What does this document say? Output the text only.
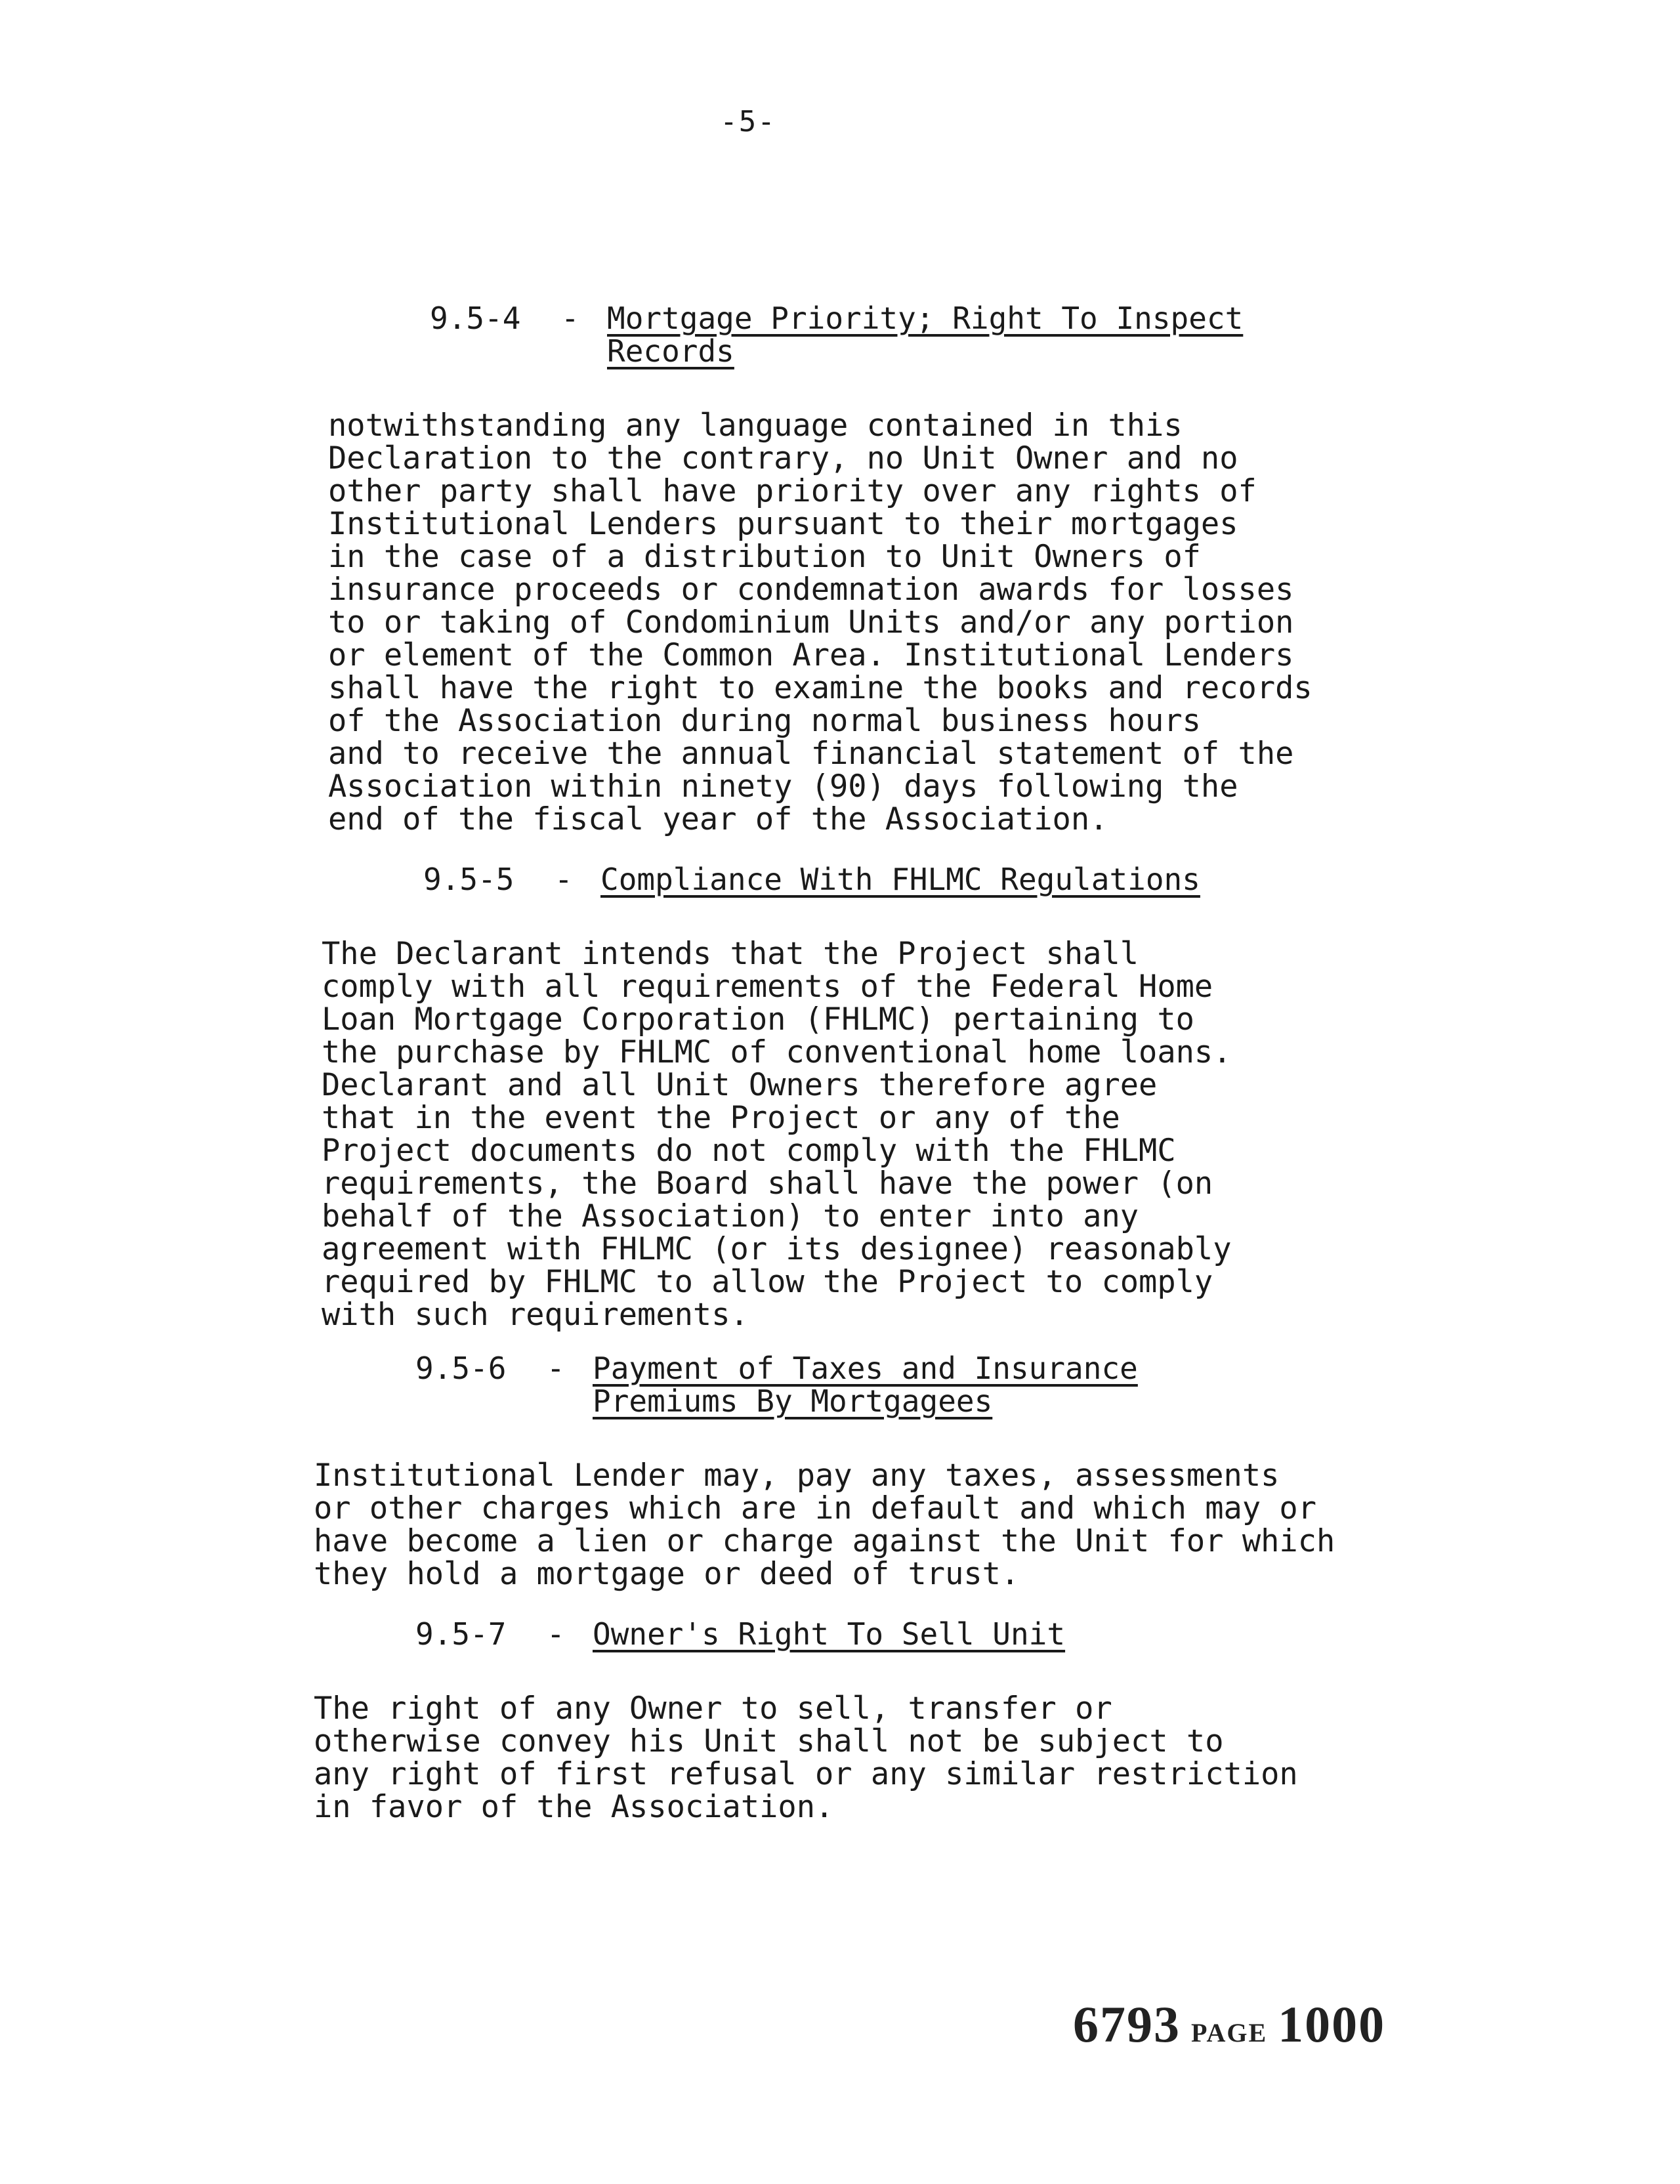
-5-
9.5-4	- Mortgage Priority; Right To Inspect
Records
notwithstanding any language contained in this
Declaration to the contrary, no Unit Owner and no
other party shall have priority over any rights of
Institutional Lenders pursuant to their mortgages
in the case of a distribution to Unit Owners of
insurance proceeds or condemnation awards for losses
to or taking of Condominium Units and/or any portion
or element of the Common Area. Institutional Lenders
shall have the right to examine the books and records
of the Association during normal business hours
and to receive the annual financial statement of the
Association within ninety (90) days following the
end of the fiscal year of the Association.
9.5-5	- Compliance With FHLMC Regulations
The Declarant intends that the Project shall
comply with all requirements of the Federal Home
Loan Mortgage Corporation (FHLMC) pertaining to
the purchase by FHLMC of conventional home loans.
Declarant and all Unit Owners therefore agree
that in the event the Project or any of the
Project documents do not comply with the FHLMC
requirements, the Board shall have the power (on
behalf of the Association) to enter into any
agreement with FHLMC (or its designee) reasonably
required by FHLMC to allow the Project to comply
with such requirements.
9.5-6	- Payment of Taxes and Insurance
Premiums By Mortgagees
Institutional Lender may, pay any taxes, assessments
or other charges which are in default and which may or
have become a lien or charge against the Unit for which
they hold a mortgage or deed of trust.
9.5-7	- Owner's Right To Sell Unit
The right of any Owner to sell, transfer or
otherwise convey his Unit shall not be subject to
any right of first refusal or any similar restriction
in favor of the Association.
6793 PAGE 1000
